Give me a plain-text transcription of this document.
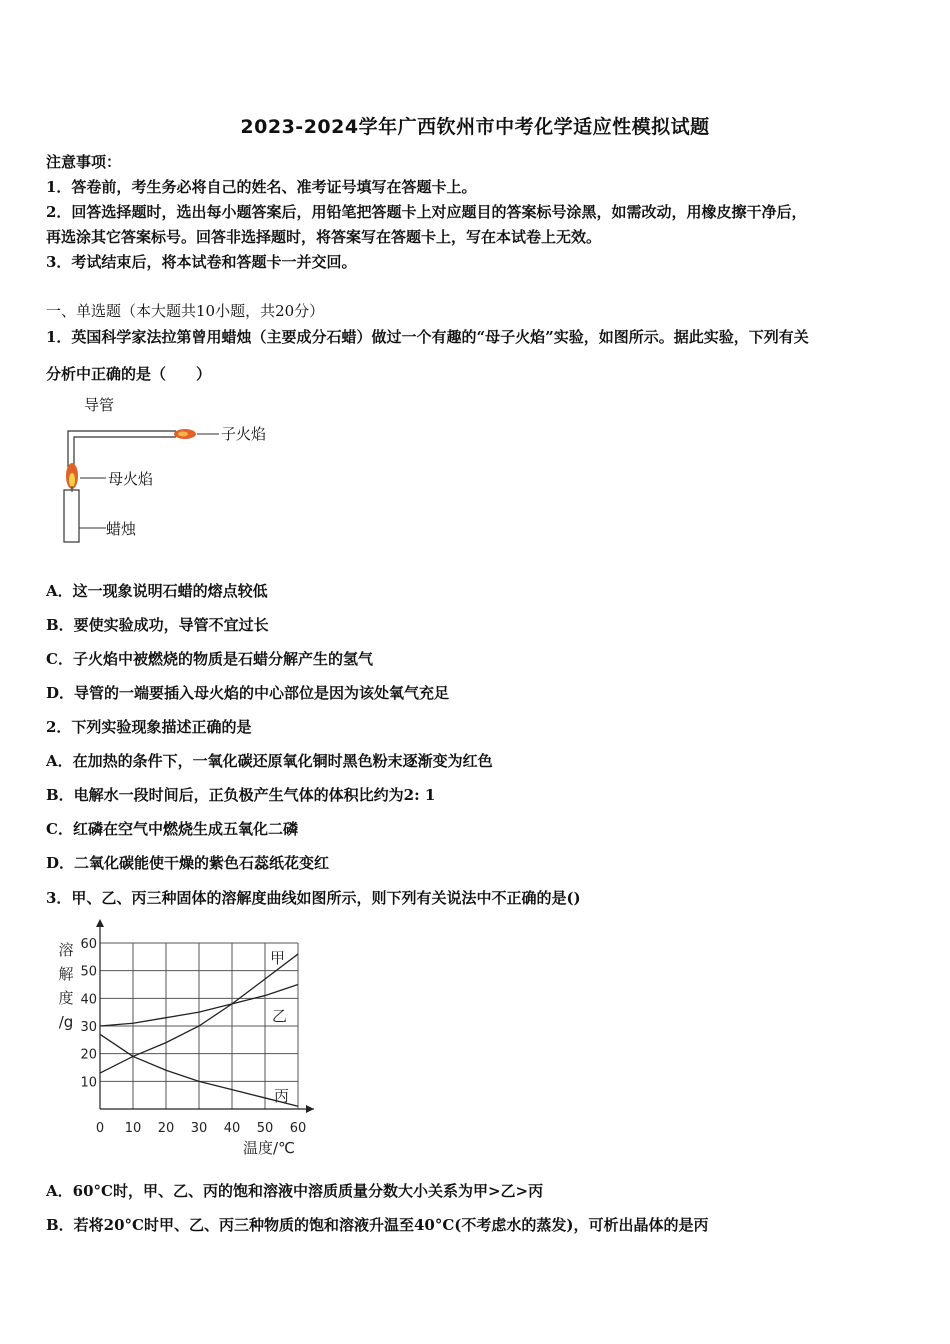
2023-2024学年广西钦州市中考化学适应性模拟试题
注意事项：
1．答卷前，考生务必将自己的姓名、准考证号填写在答题卡上。
2．回答选择题时，选出每小题答案后，用铅笔把答题卡上对应题目的答案标号涂黑，如需改动，用橡皮擦干净后，
再选涂其它答案标号。回答非选择题时，将答案写在答题卡上，写在本试卷上无效。
3．考试结束后，将本试卷和答题卡一并交回。
一、单选题（本大题共10小题，共20分）
1．英国科学家法拉第曾用蜡烛（主要成分石蜡）做过一个有趣的“母子火焰”实验，如图所示。据此实验，下列有关
分析中正确的是（　　）
导管
子火焰
母火焰
蜡烛
A．这一现象说明石蜡的熔点较低
B．要使实验成功，导管不宜过长
C．子火焰中被燃烧的物质是石蜡分解产生的氢气
D．导管的一端要插入母火焰的中心部位是因为该处氧气充足
2．下列实验现象描述正确的是
A．在加热的条件下，一氧化碳还原氧化铜时黑色粉末逐渐变为红色
B．电解水一段时间后，正负极产生气体的体积比约为2: 1
C．红磷在空气中燃烧生成五氧化二磷
D．二氧化碳能使干燥的紫色石蕊纸花变红
3．甲、乙、丙三种固体的溶解度曲线如图所示，则下列有关说法中不正确的是()
0 10 20 30 40 50 60
10
20
30
40
50
60
甲
乙
丙
溶
解
度
/g
温度/℃
A．60°C时，甲、乙、丙的饱和溶液中溶质质量分数大小关系为甲>乙>丙
B．若将20°C时甲、乙、丙三种物质的饱和溶液升温至40°C(不考虑水的蒸发)，可析出晶体的是丙
